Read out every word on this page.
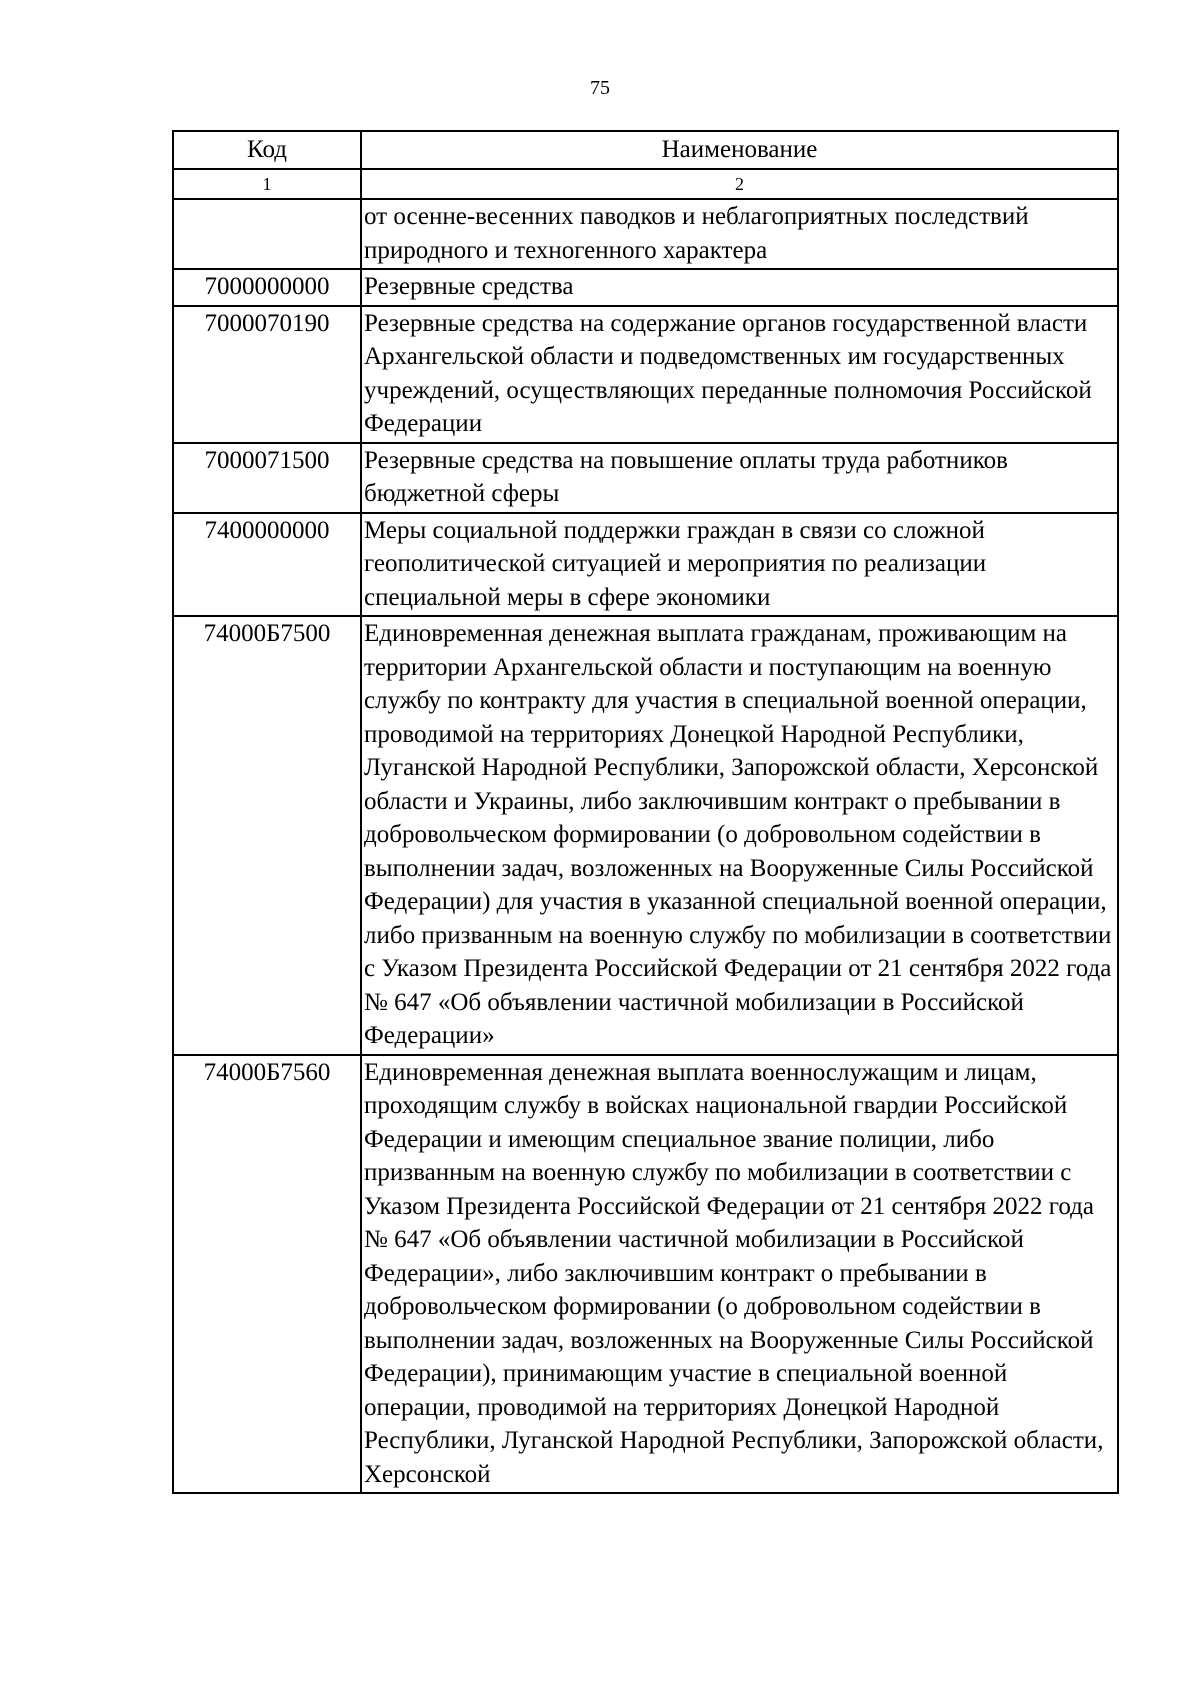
75
Код	Наименование
1	2
	от осенне-весенних паводков и неблагоприятных последствий природного и техногенного характера
7000000000	Резервные средства
7000070190	Резервные средства на содержание органов государственной власти Архангельской области и подведомственных им государственных учреждений, осуществляющих переданные полномочия Российской Федерации
7000071500	Резервные средства на повышение оплаты труда работников бюджетной сферы
7400000000	Меры социальной поддержки граждан в связи со сложной геополитической ситуацией и мероприятия по реализации специальной меры в сфере экономики
74000Б7500	Единовременная денежная выплата гражданам, проживающим на территории Архангельской области и поступающим на военную службу по контракту для участия в специальной военной операции, проводимой на территориях Донецкой Народной Республики, Луганской Народной Республики, Запорожской области, Херсонской области и Украины, либо заключившим контракт о пребывании в добровольческом формировании (о добровольном содействии в выполнении задач, возложенных на Вооруженные Силы Российской Федерации) для участия в указанной специальной военной операции, либо призванным на военную службу по мобилизации в соответствии с Указом Президента Российской Федерации от 21 сентября 2022 года № 647 «Об объявлении частичной мобилизации в Российской Федерации»
74000Б7560	Единовременная денежная выплата военнослужащим и лицам, проходящим службу в войсках национальной гвардии Российской Федерации и имеющим специальное звание полиции, либо призванным на военную службу по мобилизации в соответствии с Указом Президента Российской Федерации от 21 сентября 2022 года № 647 «Об объявлении частичной мобилизации в Российской Федерации», либо заключившим контракт о пребывании в добровольческом формировании (о добровольном содействии в выполнении задач, возложенных на Вооруженные Силы Российской Федерации), принимающим участие в специальной военной операции, проводимой на территориях Донецкой Народной Республики, Луганской Народной Республики, Запорожской области, Херсонской
